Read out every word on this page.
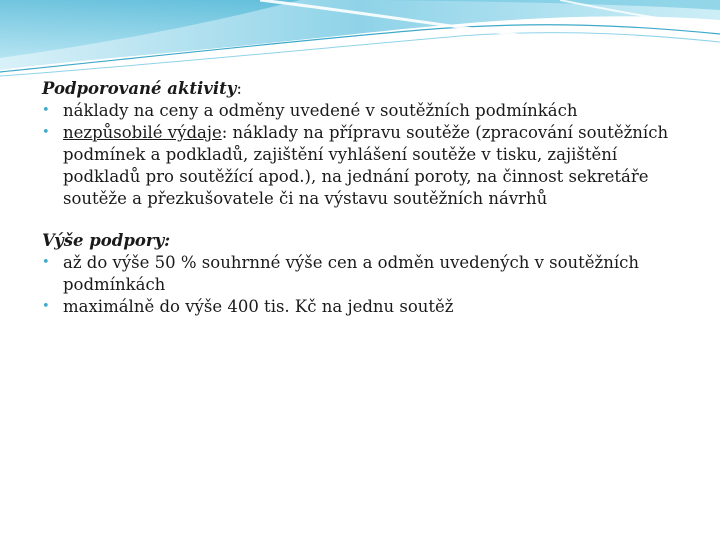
Podporované aktivity:

• náklady na ceny a odměny uvedené v soutěžních podmínkách
• nezpůsobilé výdaje: náklady na přípravu soutěže (zpracování soutěžních podmínek a podkladů, zajištění vyhlášení soutěže v tisku, zajištění podkladů pro soutěžící apod.), na jednání poroty, na činnost sekretáře soutěže a přezkušovatele či na výstavu soutěžních návrhů

Výše podpory:

• až do výše 50 % souhrnné výše cen a odměn uvedených v soutěžních podmínkách
• maximálně do výše 400 tis. Kč na jednu soutěž
